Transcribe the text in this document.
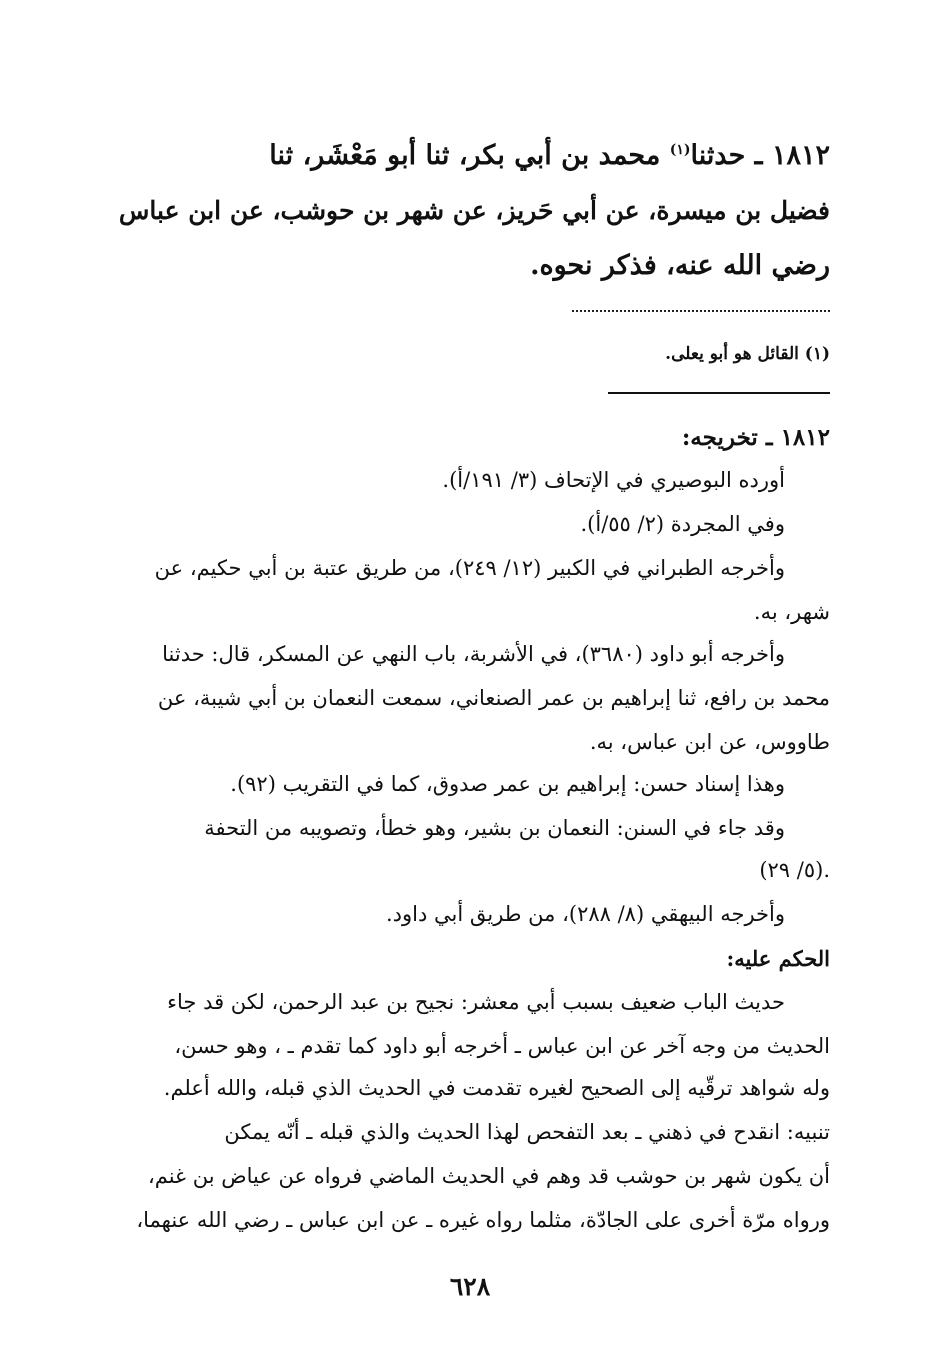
١٨١٢ ـ حدثنا$^{(١)}$ محمد بن أبي بكر، ثنا أبو مَعْشَر، ثنا
فضيل بن ميسرة، عن أبي حَريز، عن شهر بن حوشب، عن ابن عباس
رضي الله عنه، فذكر نحوه.
(١) القائل هو أبو يعلى.
١٨١٢ ـ تخريجه:
أورده البوصيري في الإتحاف (٣/ ١٩١/أ).
وفي المجردة (٢/ ٥٥/أ).
وأخرجه الطبراني في الكبير (١٢/ ٢٤٩)، من طريق عتبة بن أبي حكيم، عن
شهر، به.
وأخرجه أبو داود (٣٦٨٠)، في الأشربة، باب النهي عن المسكر، قال: حدثنا
محمد بن رافع، ثنا إبراهيم بن عمر الصنعاني، سمعت النعمان بن أبي شيبة، عن
طاووس، عن ابن عباس، به.
وهذا إسناد حسن: إبراهيم بن عمر صدوق، كما في التقريب (٩٢).
وقد جاء في السنن: النعمان بن بشير، وهو خطأ، وتصويبه من التحفة
(٥/ ٢٩).
وأخرجه البيهقي (٨/ ٢٨٨)، من طريق أبي داود.
الحكم عليه:
حديث الباب ضعيف بسبب أبي معشر: نجيح بن عبد الرحمن، لكن قد جاء
الحديث من وجه آخر عن ابن عباس ـ أخرجه أبو داود كما تقدم ـ ، وهو حسن،
وله شواهد ترقّيه إلى الصحيح لغيره تقدمت في الحديث الذي قبله، والله أعلم.
تنبيه: انقدح في ذهني ـ بعد التفحص لهذا الحديث والذي قبله ـ أنّه يمكن
أن يكون شهر بن حوشب قد وهم في الحديث الماضي فرواه عن عياض بن غنم،
ورواه مرّة أخرى على الجادّة، مثلما رواه غيره ـ عن ابن عباس ـ رضي الله عنهما،
٦٢٨
